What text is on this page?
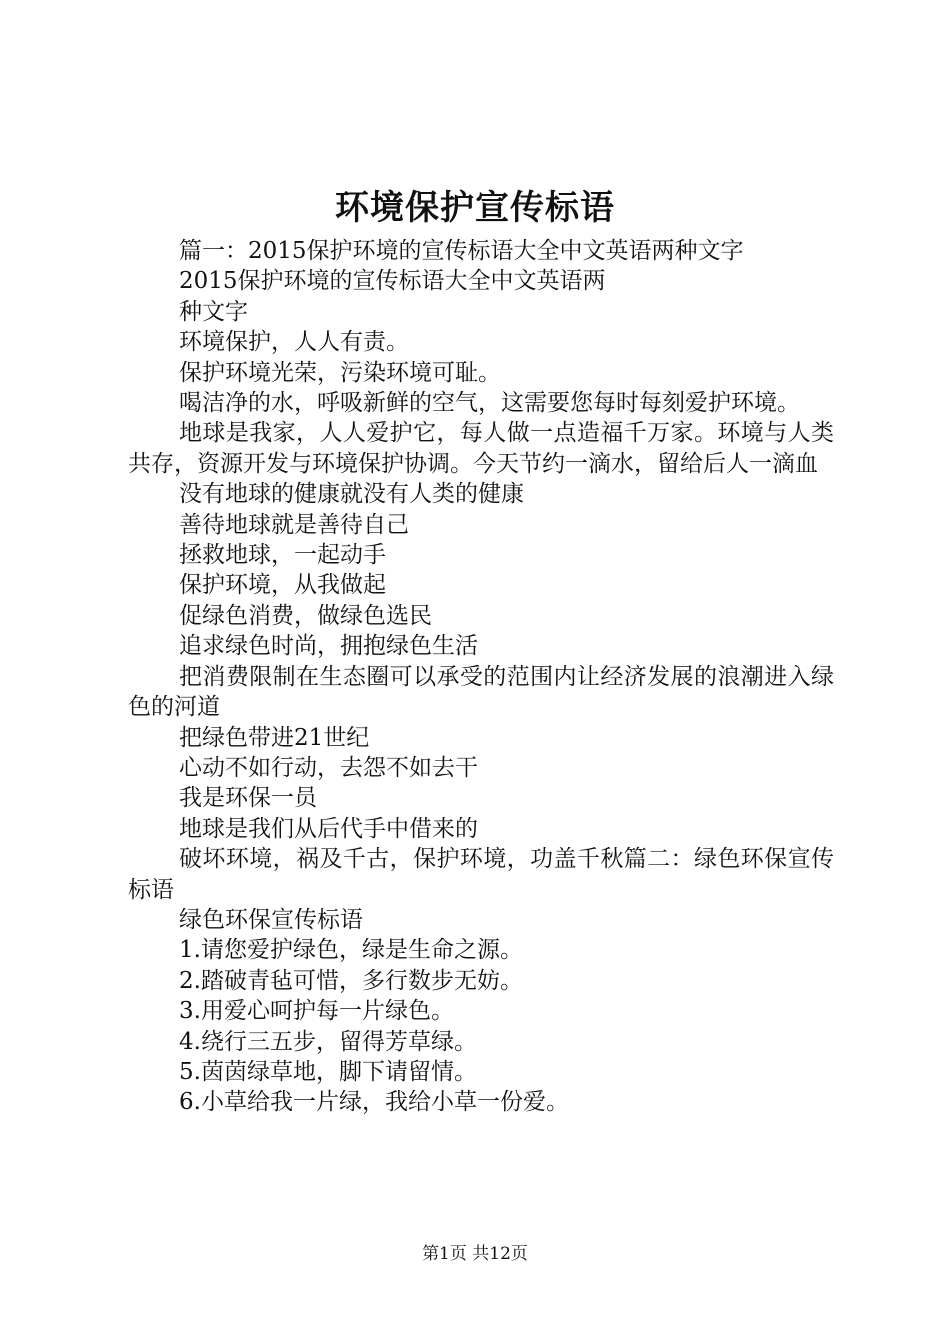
环境保护宣传标语

篇一：2015保护环境的宣传标语大全中文英语两种文字

2015保护环境的宣传标语大全中文英语两

种文字

环境保护，人人有责。

保护环境光荣，污染环境可耻。

喝洁净的水，呼吸新鲜的空气，这需要您每时每刻爱护环境。

地球是我家，人人爱护它，每人做一点造福千万家。环境与人类共存，资源开发与环境保护协调。今天节约一滴水，留给后人一滴血

没有地球的健康就没有人类的健康

善待地球就是善待自己

拯救地球，一起动手

保护环境，从我做起

促绿色消费，做绿色选民

追求绿色时尚，拥抱绿色生活

把消费限制在生态圈可以承受的范围内让经济发展的浪潮进入绿色的河道

把绿色带进21世纪

心动不如行动，去怨不如去干

我是环保一员

地球是我们从后代手中借来的

破坏环境，祸及千古，保护环境，功盖千秋篇二：绿色环保宣传标语

绿色环保宣传标语

1.请您爱护绿色，绿是生命之源。

2.踏破青毡可惜，多行数步无妨。

3.用爱心呵护每一片绿色。

4.绕行三五步，留得芳草绿。

5.茵茵绿草地，脚下请留情。

6.小草给我一片绿，我给小草一份爱。

第1页 共12页
